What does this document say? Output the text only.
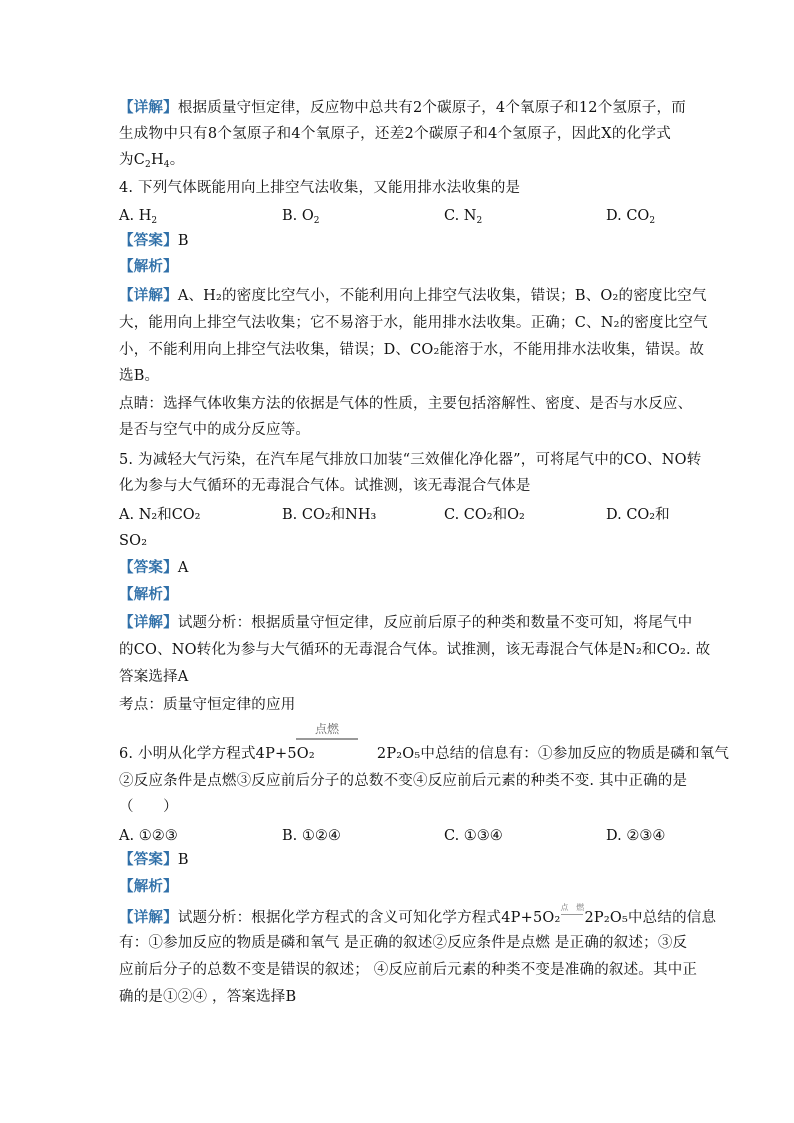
【详解】根据质量守恒定律，反应物中总共有2个碳原子，4个氧原子和12个氢原子，而
生成物中只有8个氢原子和4个氧原子，还差2个碳原子和4个氢原子，因此X的化学式
为$C_2H_4$。
4. 下列气体既能用向上排空气法收集，又能用排水法收集的是
A. $H_2$	B. $O_2$	C. $N_2$	D. $CO_2$
【答案】B
【解析】
【详解】A、H₂的密度比空气小，不能利用向上排空气法收集，错误；B、O₂的密度比空气
大，能用向上排空气法收集；它不易溶于水，能用排水法收集。正确；C、N₂的密度比空气
小，不能利用向上排空气法收集，错误；D、CO₂能溶于水，不能用排水法收集，错误。故
选B。
点睛：选择气体收集方法的依据是气体的性质，主要包括溶解性、密度、是否与水反应、
是否与空气中的成分反应等。
5. 为减轻大气污染，在汽车尾气排放口加装“三效催化净化器”，可将尾气中的CO、NO转
化为参与大气循环的无毒混合气体。试推测，该无毒混合气体是
A. N₂和CO₂	B. CO₂和NH₃	C. CO₂和O₂	D. CO₂和
SO₂
【答案】A
【解析】
【详解】试题分析：根据质量守恒定律，反应前后原子的种类和数量不变可知，将尾气中
的CO、NO转化为参与大气循环的无毒混合气体。试推测，该无毒混合气体是N₂和CO₂. 故
答案选择A
考点：质量守恒定律的应用
点燃
6. 小明从化学方程式4P+5O₂	2P₂O₅中总结的信息有：①参加反应的物质是磷和氧气
②反应条件是点燃③反应前后分子的总数不变④反应前后元素的种类不变. 其中正确的是
（　　）
A. ①②③	B. ①②④	C. ①③④	D. ②③④
【答案】B
【解析】
【详解】试题分析：根据化学方程式的含义可知化学方程式4P+5O₂
点燃
2P₂O₅中总结的信息
有：①参加反应的物质是磷和氧气 是正确的叙述②反应条件是点燃 是正确的叙述；③反
应前后分子的总数不变是错误的叙述； ④反应前后元素的种类不变是准确的叙述。其中正
确的是①②④ ，答案选择B
